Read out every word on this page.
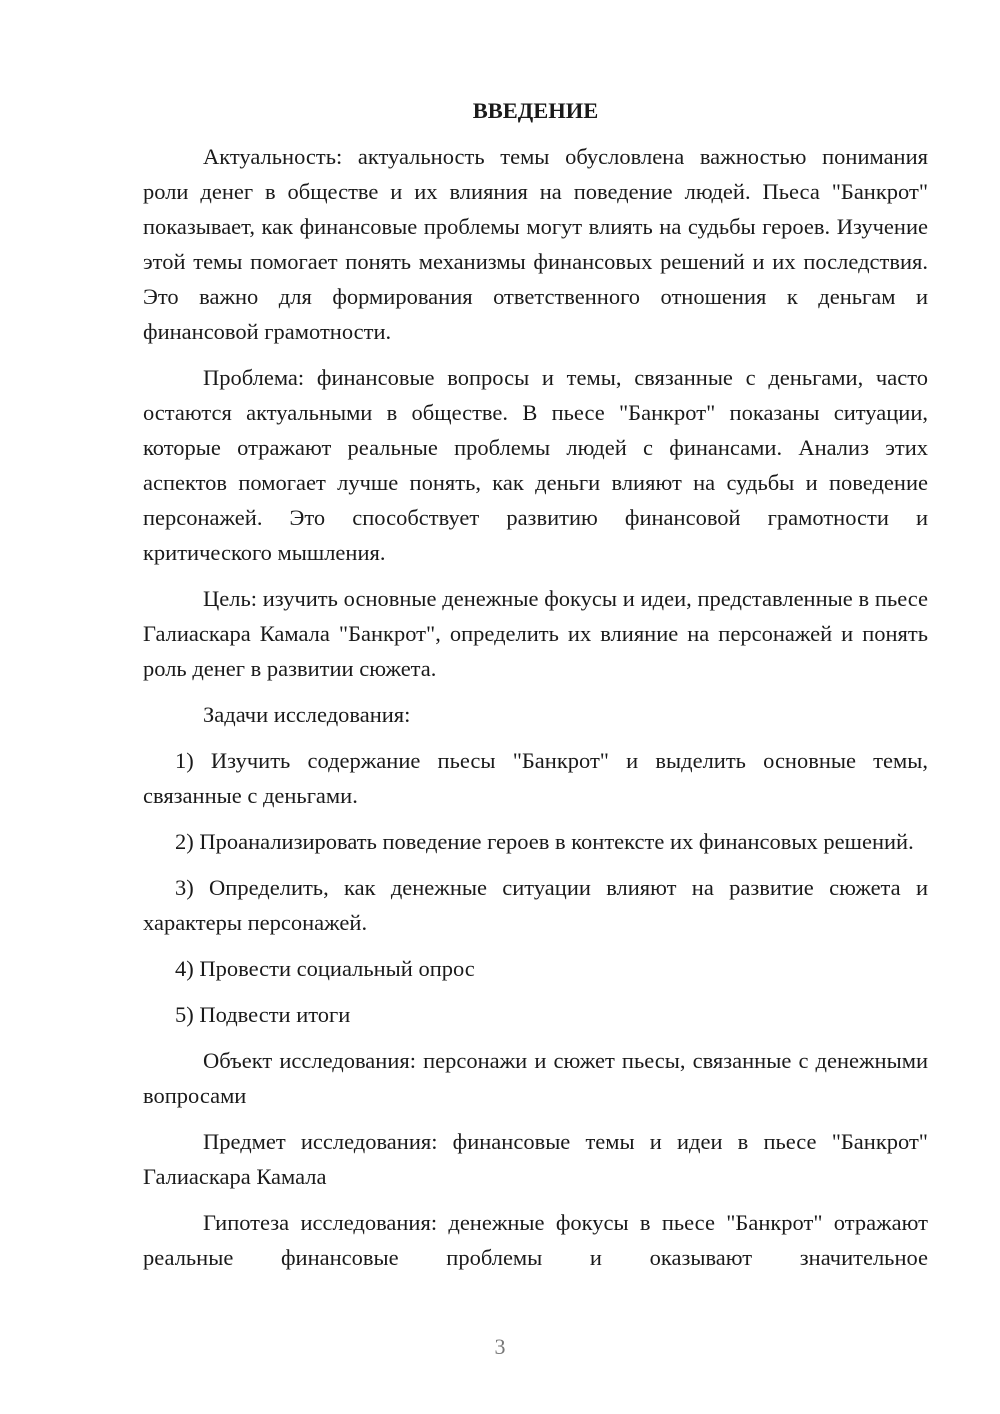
ВВЕДЕНИЕ

Актуальность: актуальность темы обусловлена важностью понимания роли денег в обществе и их влияния на поведение людей. Пьеса "Банкрот" показывает, как финансовые проблемы могут влиять на судьбы героев. Изучение этой темы помогает понять механизмы финансовых решений и их последствия. Это важно для формирования ответственного отношения к деньгам и финансовой грамотности.

Проблема: финансовые вопросы и темы, связанные с деньгами, часто остаются актуальными в обществе. В пьесе "Банкрот" показаны ситуации, которые отражают реальные проблемы людей с финансами. Анализ этих аспектов помогает лучше понять, как деньги влияют на судьбы и поведение персонажей. Это способствует развитию финансовой грамотности и критического мышления.

Цель: изучить основные денежные фокусы и идеи, представленные в пьесе Галиаскара Камала "Банкрот", определить их влияние на персонажей и понять роль денег в развитии сюжета.

Задачи исследования:

1) Изучить содержание пьесы "Банкрот" и выделить основные темы, связанные с деньгами.

2) Проанализировать поведение героев в контексте их финансовых решений.

3) Определить, как денежные ситуации влияют на развитие сюжета и характеры персонажей.

4) Провести социальный опрос

5) Подвести итоги

Объект исследования: персонажи и сюжет пьесы, связанные с денежными вопросами

Предмет исследования: финансовые темы и идеи в пьесе "Банкрот" Галиаскара Камала

Гипотеза исследования: денежные фокусы в пьесе "Банкрот" отражают реальные финансовые проблемы и оказывают значительное

3
